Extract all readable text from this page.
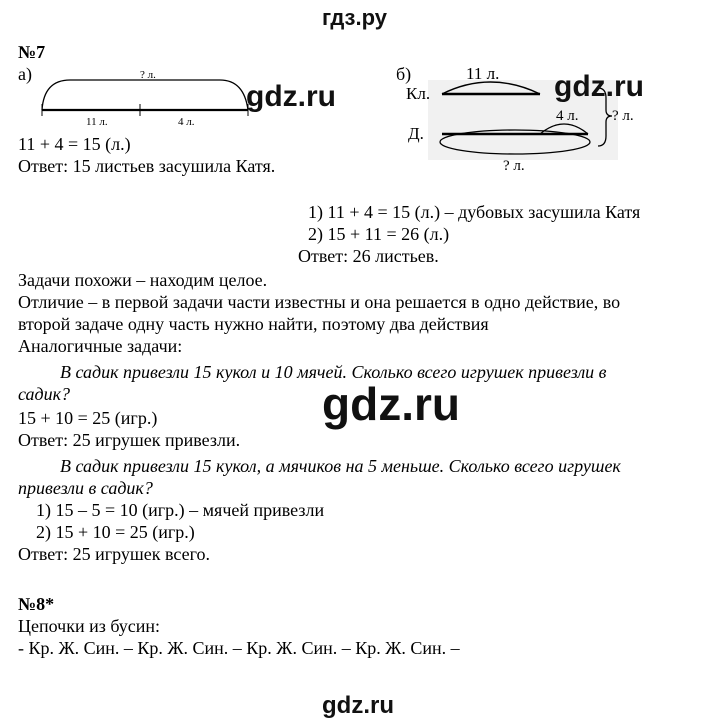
гдз.ру
№7
а)	? л.
11 л.	4 л.
gdz.ru
б)
Кл.
Д.
11 л.
4 л. ? л.
? л.
gdz.ru
11 + 4 = 15 (л.)
Ответ: 15 листьев засушила Катя.
1) 11 + 4 = 15 (л.) – дубовых засушила Катя
2) 15 + 11 = 26 (л.)
Ответ: 26 листьев.
Задачи похожи – находим целое.
Отличие – в первой задачи части известны и она решается в одно действие, во
второй задаче одну часть нужно найти, поэтому два действия
Аналогичные задачи:
В садик привезли 15 кукол и 10 мячей. Сколько всего игрушек привезли в
садик?
15 + 10 = 25 (игр.)
Ответ: 25 игрушек привезли.
gdz.ru
В садик привезли 15 кукол, а мячиков на 5 меньше. Сколько всего игрушек
привезли в садик?
1) 15 – 5 = 10 (игр.) – мячей привезли
2) 15 + 10 = 25 (игр.)
Ответ: 25 игрушек всего.
№8*
Цепочки из бусин:
- Кр. Ж. Син. – Кр. Ж. Син. – Кр. Ж. Син. – Кр. Ж. Син. –
gdz.ru
